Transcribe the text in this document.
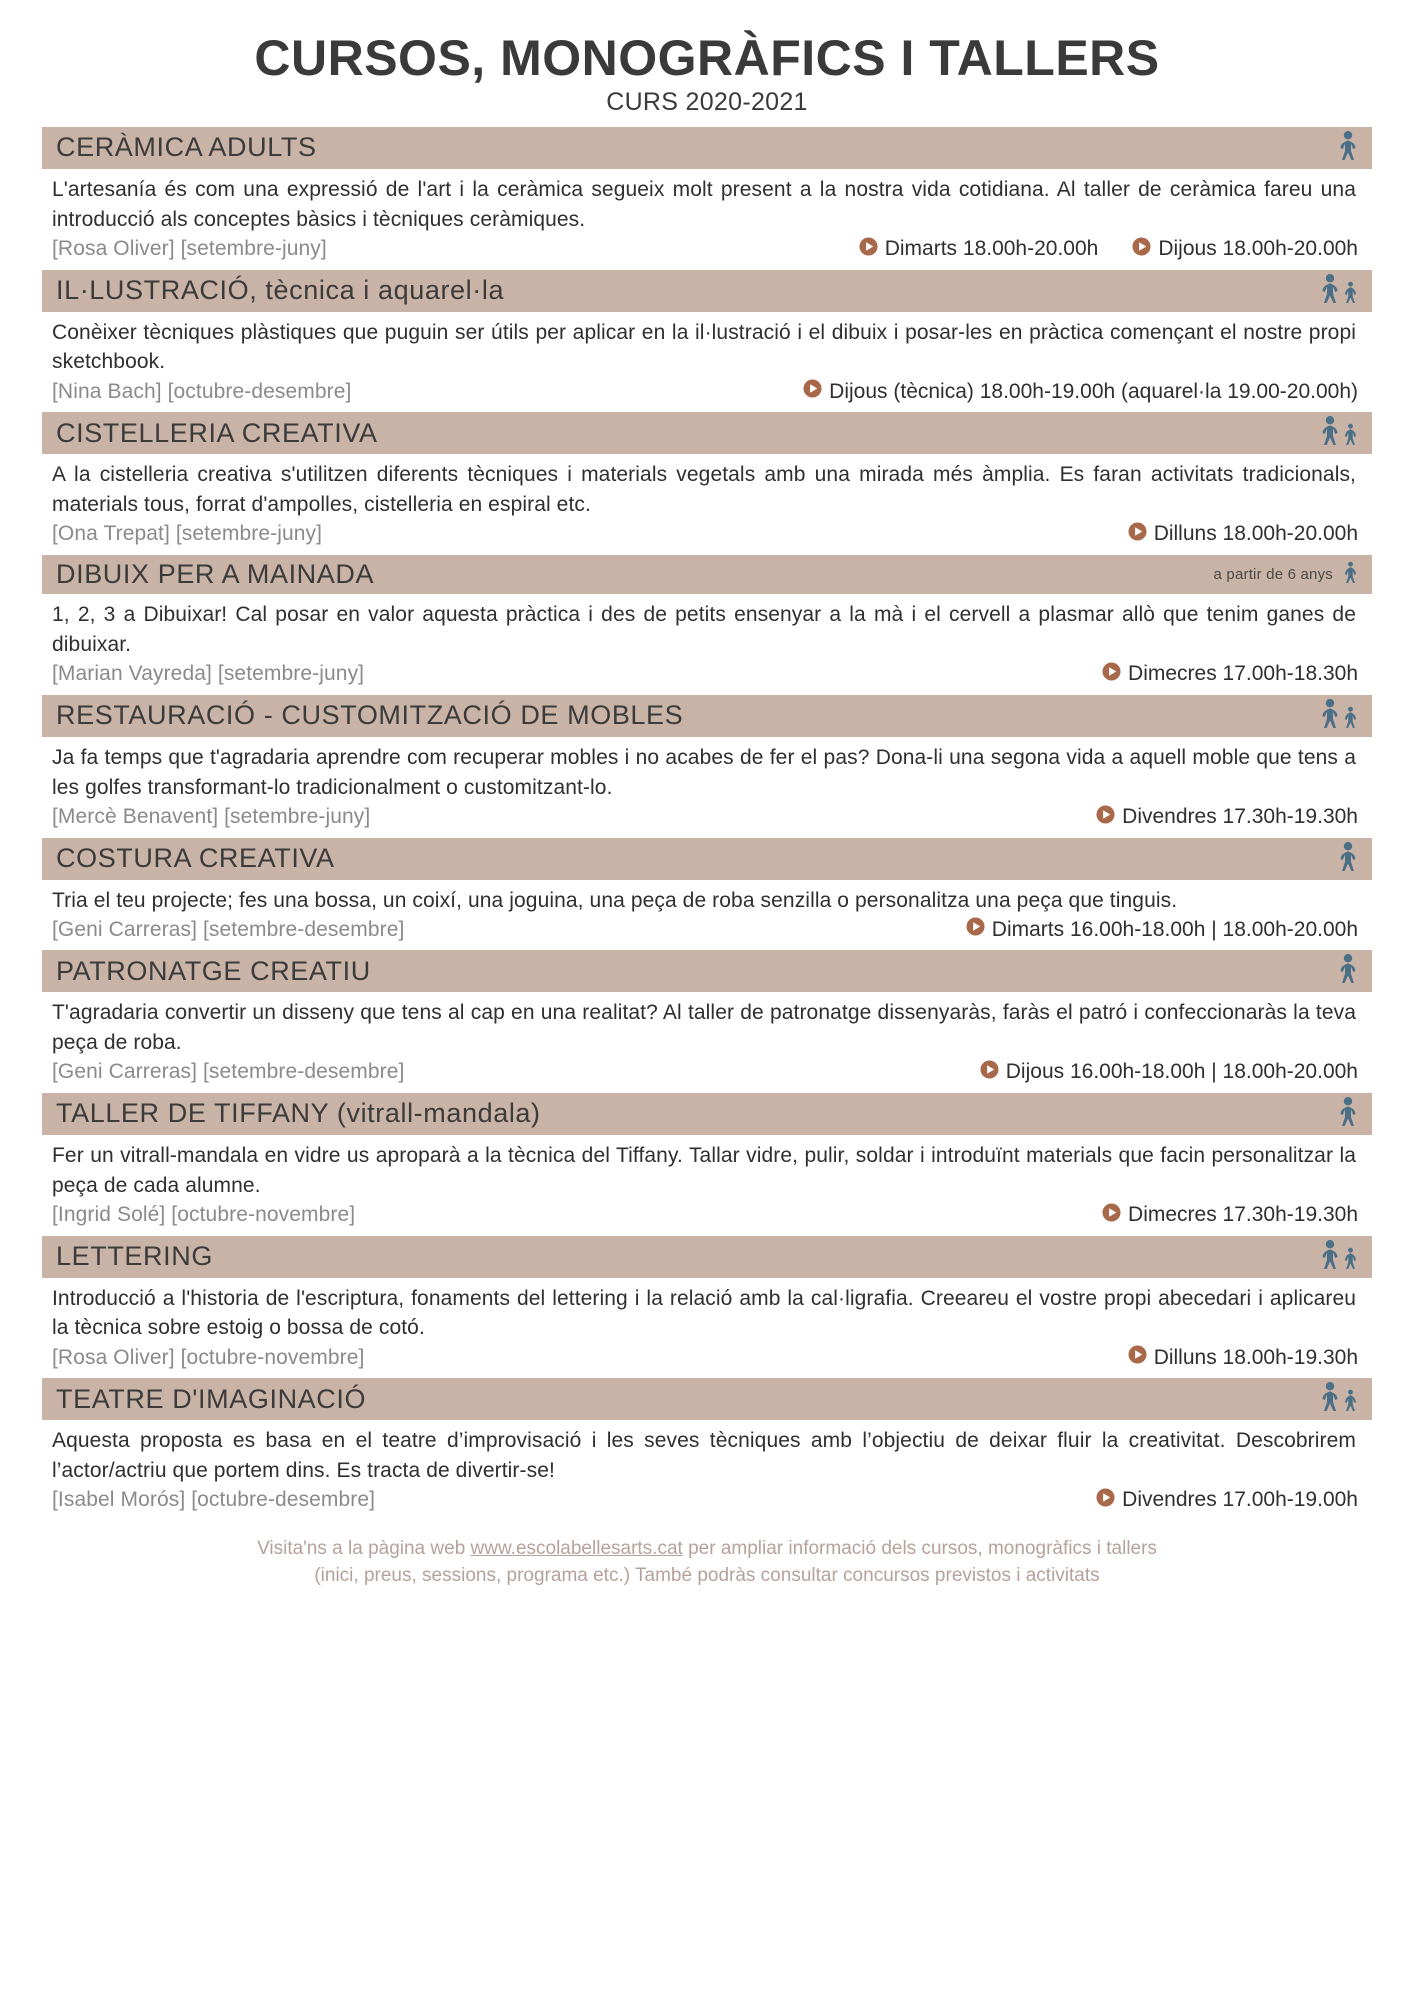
CURSOS, MONOGRÀFICS I TALLERS
CURS 2020-2021
CERÀMICA ADULTS
L'artesanía és com una expressió de l'art i la ceràmica segueix molt present a la nostra vida cotidiana. Al taller de ceràmica fareu una introducció als conceptes bàsics i tècniques ceràmiques.
[Rosa Oliver] [setembre-juny]	Dimarts 18.00h-20.00h	Dijous 18.00h-20.00h
IL·LUSTRACIÓ, tècnica i aquarel·la
Conèixer tècniques plàstiques que puguin ser útils per aplicar en la il·lustració i el dibuix i posar-les en pràctica començant el nostre propi sketchbook.
[Nina Bach] [octubre-desembre]	Dijous (tècnica) 18.00h-19.00h (aquarel·la 19.00-20.00h)
CISTELLERIA CREATIVA
A la cistelleria creativa s'utilitzen diferents tècniques i materials vegetals amb una mirada més àmplia. Es faran activitats tradicionals, materials tous, forrat d'ampolles, cistelleria en espiral etc.
[Ona Trepat] [setembre-juny]	Dilluns 18.00h-20.00h
DIBUIX PER A MAINADA	a partir de 6 anys
1, 2, 3 a Dibuixar! Cal posar en valor aquesta pràctica i des de petits ensenyar a la mà i el cervell a plasmar allò que tenim ganes de dibuixar.
[Marian Vayreda] [setembre-juny]	Dimecres 17.00h-18.30h
RESTAURACIÓ - CUSTOMITZACIÓ DE MOBLES
Ja fa temps que t'agradaria aprendre com recuperar mobles i no acabes de fer el pas? Dona-li una segona vida a aquell moble que tens a les golfes transformant-lo tradicionalment o customitzant-lo.
[Mercè Benavent] [setembre-juny]	Divendres 17.30h-19.30h
COSTURA CREATIVA
Tria el teu projecte; fes una bossa, un coixí, una joguina, una peça de roba senzilla o personalitza una peça que tinguis.
[Geni Carreras] [setembre-desembre]	Dimarts 16.00h-18.00h | 18.00h-20.00h
PATRONATGE CREATIU
T'agradaria convertir un disseny que tens al cap en una realitat? Al taller de patronatge dissenyaràs, faràs el patró i confeccionaràs la teva peça de roba.
[Geni Carreras] [setembre-desembre]	Dijous 16.00h-18.00h | 18.00h-20.00h
TALLER DE TIFFANY (vitrall-mandala)
Fer un vitrall-mandala en vidre us aproparà a la tècnica del Tiffany. Tallar vidre, pulir, soldar i introduïnt materials que facin personalitzar la peça de cada alumne.
[Ingrid Solé] [octubre-novembre]	Dimecres 17.30h-19.30h
LETTERING
Introducció a l'historia de l'escriptura, fonaments del lettering i la relació amb la cal·ligrafia. Creeareu el vostre propi abecedari i aplicareu la tècnica sobre estoig o bossa de cotó.
[Rosa Oliver] [octubre-novembre]	Dilluns 18.00h-19.30h
TEATRE D'IMAGINACIÓ
Aquesta proposta es basa en el teatre d’improvisació i les seves tècniques amb l’objectiu de deixar fluir la creativitat. Descobrirem l’actor/actriu que portem dins. Es tracta de divertir-se!
[Isabel Morós] [octubre-desembre]	Divendres 17.00h-19.00h
Visita'ns a la pàgina web www.escolabellesarts.cat per ampliar informació dels cursos, monogràfics i tallers
(inici, preus, sessions, programa etc.) També podràs consultar concursos previstos i activitats
